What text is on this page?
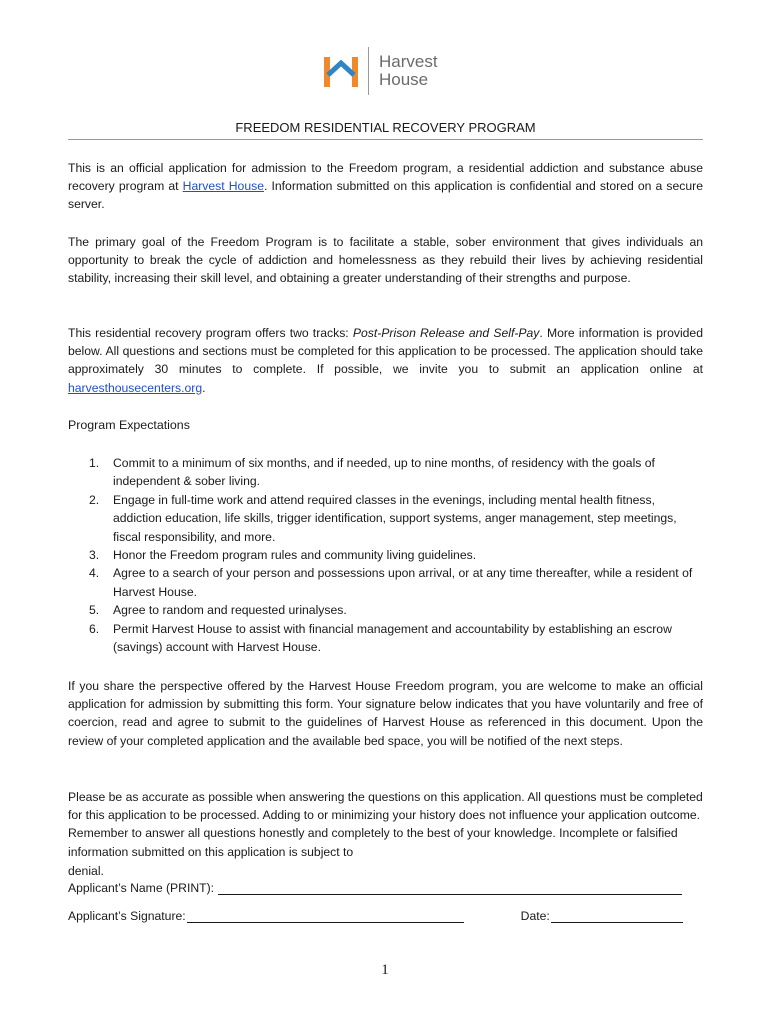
Harvest
House
FREEDOM RESIDENTIAL RECOVERY PROGRAM

This is an official application for admission to the Freedom program, a residential addiction and substance abuse recovery program at Harvest House. Information submitted on this application is confidential and stored on a secure server.

The primary goal of the Freedom Program is to facilitate a stable, sober environment that gives individuals an opportunity to break the cycle of addiction and homelessness as they rebuild their lives by achieving residential stability, increasing their skill level, and obtaining a greater understanding of their strengths and purpose.

This residential recovery program offers two tracks: Post-Prison Release and Self-Pay. More information is provided below. All questions and sections must be completed for this application to be processed. The application should take approximately 30 minutes to complete. If possible, we invite you to submit an application online at harvesthousecenters.org.

Program Expectations
1. Commit to a minimum of six months, and if needed, up to nine months, of residency with the goals of independent & sober living.
2. Engage in full-time work and attend required classes in the evenings, including mental health fitness, addiction education, life skills, trigger identification, support systems, anger management, step meetings, fiscal responsibility, and more.
3. Honor the Freedom program rules and community living guidelines.
4. Agree to a search of your person and possessions upon arrival, or at any time thereafter, while a resident of Harvest House.
5. Agree to random and requested urinalyses.
6. Permit Harvest House to assist with financial management and accountability by establishing an escrow (savings) account with Harvest House.

If you share the perspective offered by the Harvest House Freedom program, you are welcome to make an official application for admission by submitting this form. Your signature below indicates that you have voluntarily and free of coercion, read and agree to submit to the guidelines of Harvest House as referenced in this document. Upon the review of your completed application and the available bed space, you will be notified of the next steps.

Please be as accurate as possible when answering the questions on this application. All questions must be completed for this application to be processed. Adding to or minimizing your history does not influence your application outcome. Remember to answer all questions honestly and completely to the best of your knowledge. Incomplete or falsified information submitted on this application is subject to

denial.
Applicant’s Name (PRINT):
Applicant’s Signature:	Date:
1
